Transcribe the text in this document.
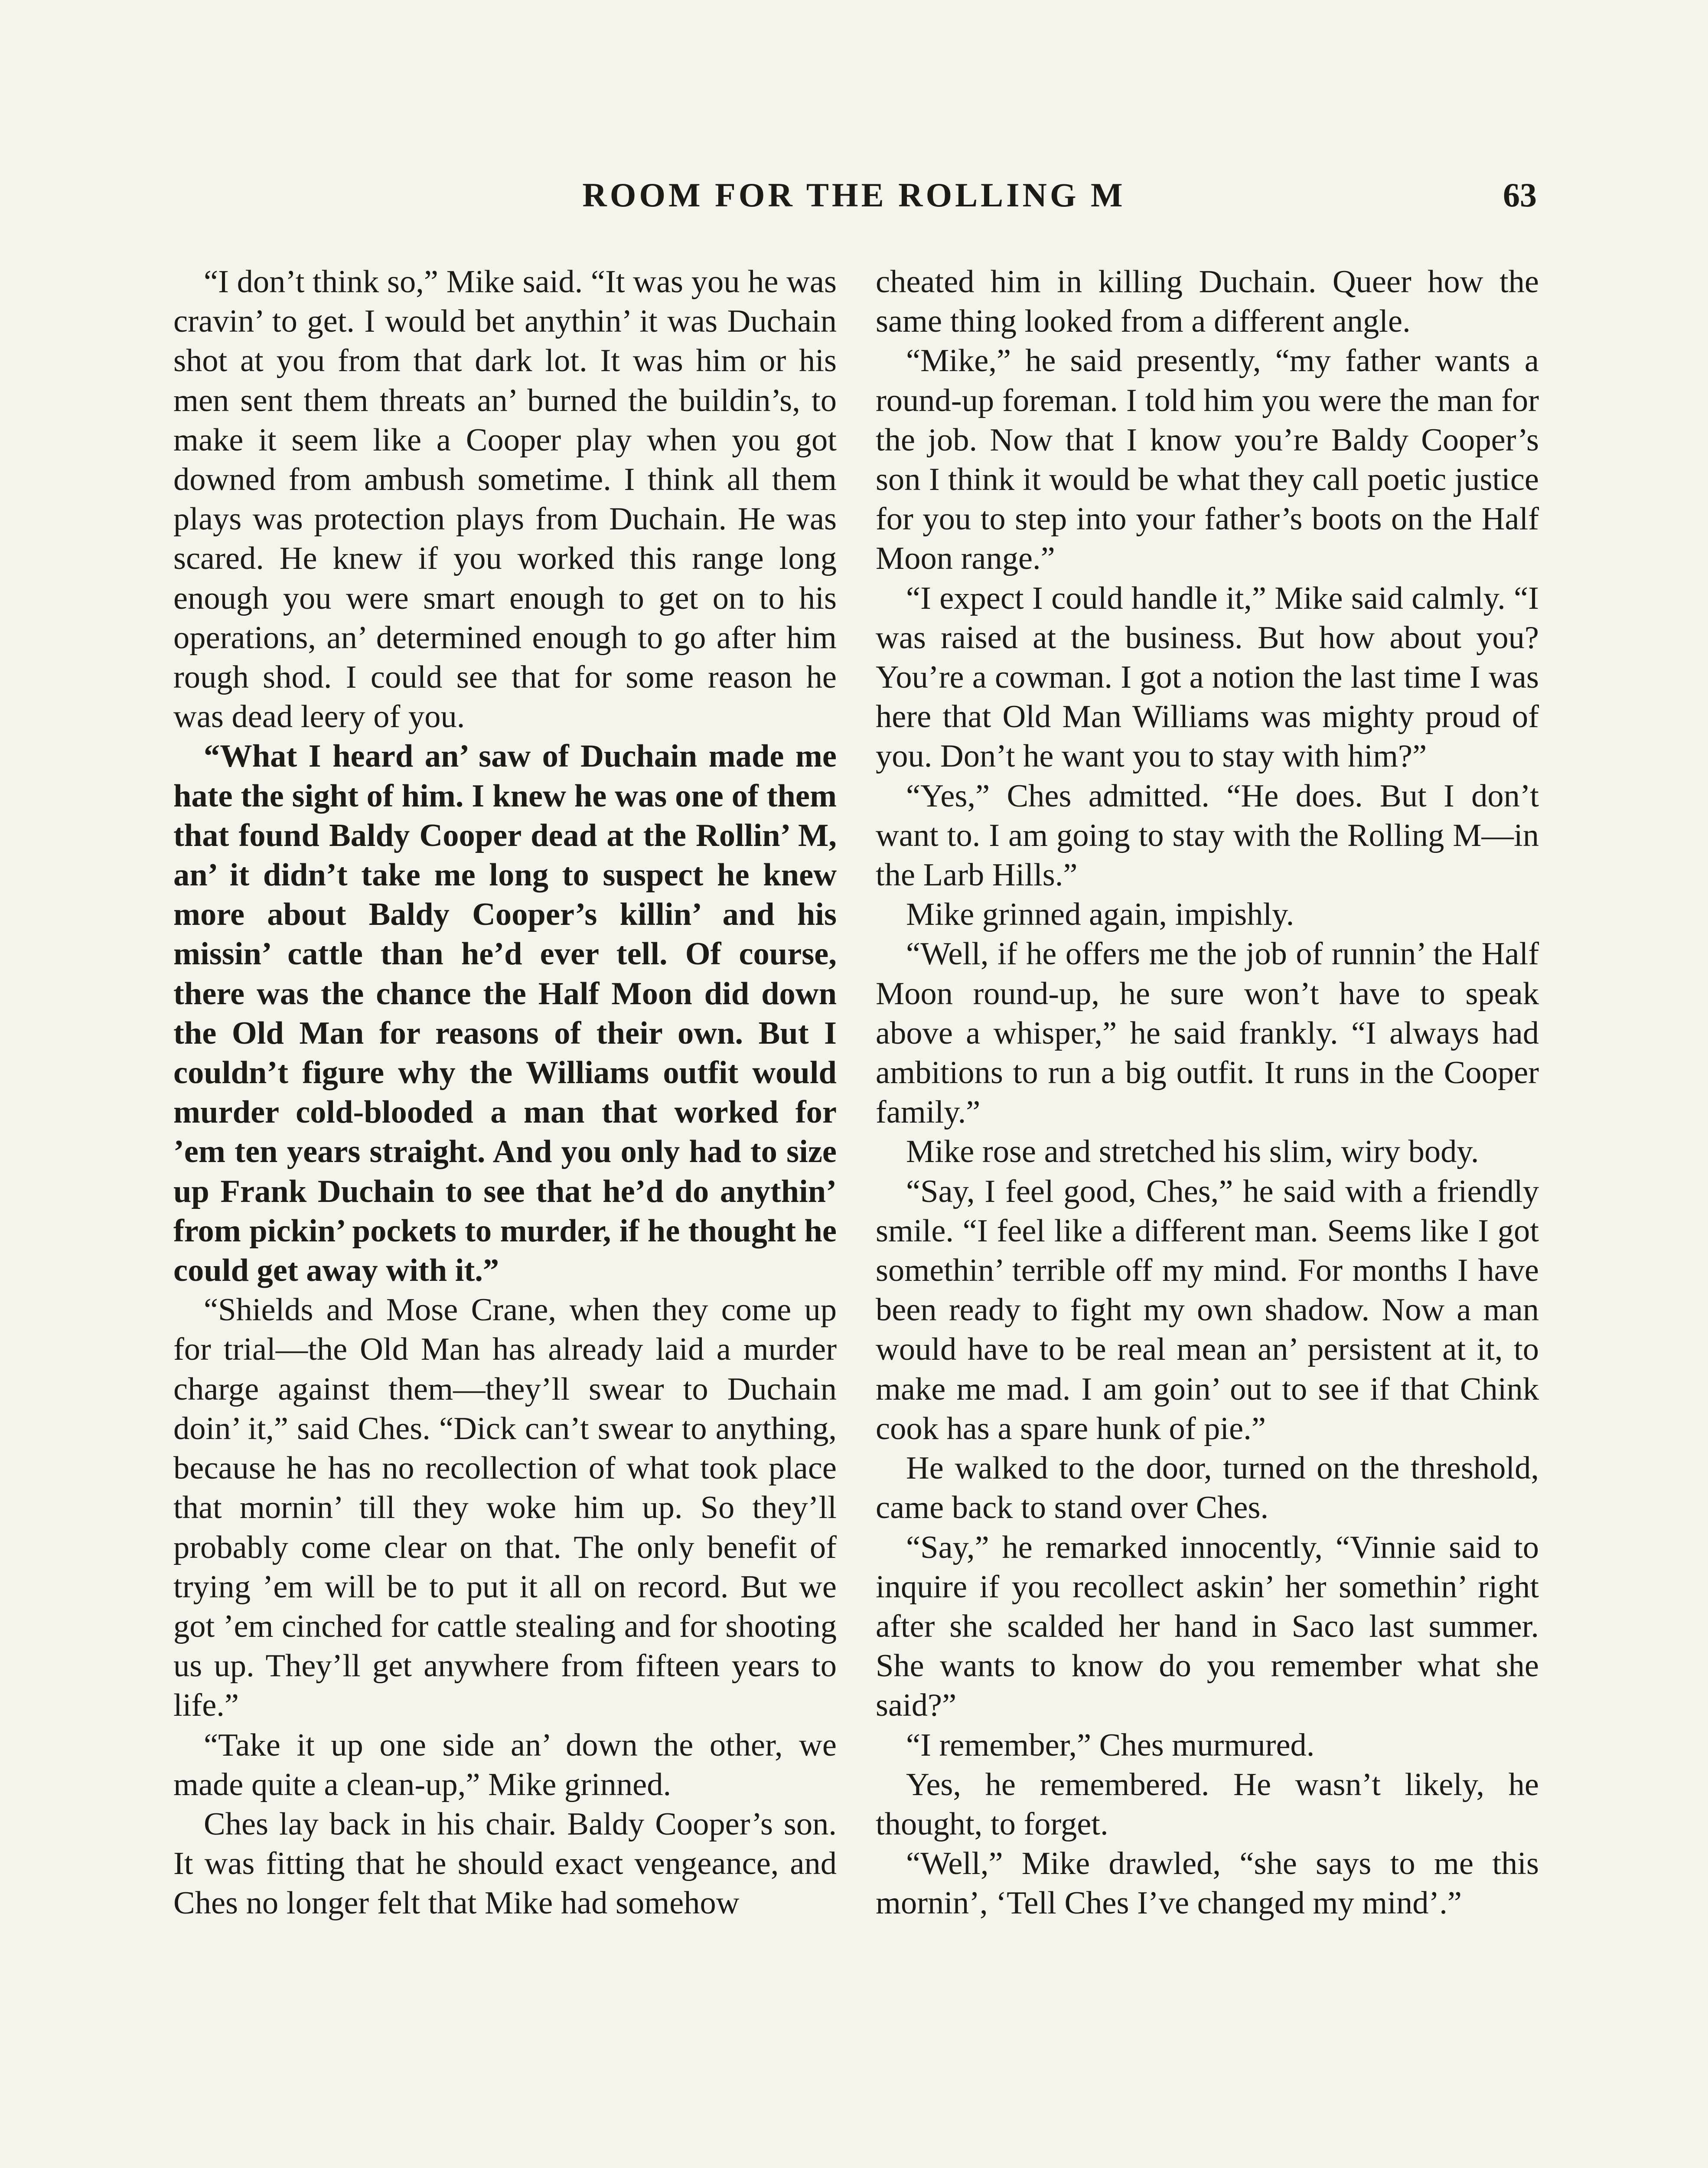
ROOM FOR THE ROLLING M	63

“I don’t think so,” Mike said. “It was you he was cravin’ to get. I would bet anythin’ it was Duchain shot at you from that dark lot. It was him or his men sent them threats an’ burned the buildin’s, to make it seem like a Cooper play when you got downed from ambush sometime. I think all them plays was protection plays from Duchain. He was scared. He knew if you worked this range long enough you were smart enough to get on to his operations, an’ determined enough to go after him rough shod. I could see that for some reason he was dead leery of you.

“What I heard an’ saw of Duchain made me hate the sight of him. I knew he was one of them that found Baldy Cooper dead at the Rollin’ M, an’ it didn’t take me long to suspect he knew more about Baldy Cooper’s killin’ and his missin’ cattle than he’d ever tell. Of course, there was the chance the Half Moon did down the Old Man for reasons of their own. But I couldn’t figure why the Williams outfit would murder cold-blooded a man that worked for ’em ten years straight. And you only had to size up Frank Duchain to see that he’d do anythin’ from pickin’ pockets to murder, if he thought he could get away with it.”

“Shields and Mose Crane, when they come up for trial—the Old Man has already laid a murder charge against them—they’ll swear to Duchain doin’ it,” said Ches. “Dick can’t swear to anything, because he has no recollection of what took place that mornin’ till they woke him up. So they’ll probably come clear on that. The only benefit of trying ’em will be to put it all on record. But we got ’em cinched for cattle stealing and for shooting us up. They’ll get anywhere from fifteen years to life.”

“Take it up one side an’ down the other, we made quite a clean-up,” Mike grinned.

Ches lay back in his chair. Baldy Cooper’s son. It was fitting that he should exact vengeance, and Ches no longer felt that Mike had somehow

cheated him in killing Duchain. Queer how the same thing looked from a different angle.

“Mike,” he said presently, “my father wants a round-up foreman. I told him you were the man for the job. Now that I know you’re Baldy Cooper’s son I think it would be what they call poetic justice for you to step into your father’s boots on the Half Moon range.”

“I expect I could handle it,” Mike said calmly. “I was raised at the business. But how about you? You’re a cowman. I got a notion the last time I was here that Old Man Williams was mighty proud of you. Don’t he want you to stay with him?”

“Yes,” Ches admitted. “He does. But I don’t want to. I am going to stay with the Rolling M—in the Larb Hills.”

Mike grinned again, impishly.

“Well, if he offers me the job of runnin’ the Half Moon round-up, he sure won’t have to speak above a whisper,” he said frankly. “I always had ambitions to run a big outfit. It runs in the Cooper family.”

Mike rose and stretched his slim, wiry body.

“Say, I feel good, Ches,” he said with a friendly smile. “I feel like a different man. Seems like I got somethin’ terrible off my mind. For months I have been ready to fight my own shadow. Now a man would have to be real mean an’ persistent at it, to make me mad. I am goin’ out to see if that Chink cook has a spare hunk of pie.”

He walked to the door, turned on the threshold, came back to stand over Ches.

“Say,” he remarked innocently, “Vinnie said to inquire if you recollect askin’ her somethin’ right after she scalded her hand in Saco last summer. She wants to know do you remember what she said?”

“I remember,” Ches murmured.

Yes, he remembered. He wasn’t likely, he thought, to forget.

“Well,” Mike drawled, “she says to me this mornin’, ‘Tell Ches I’ve changed my mind’.”
